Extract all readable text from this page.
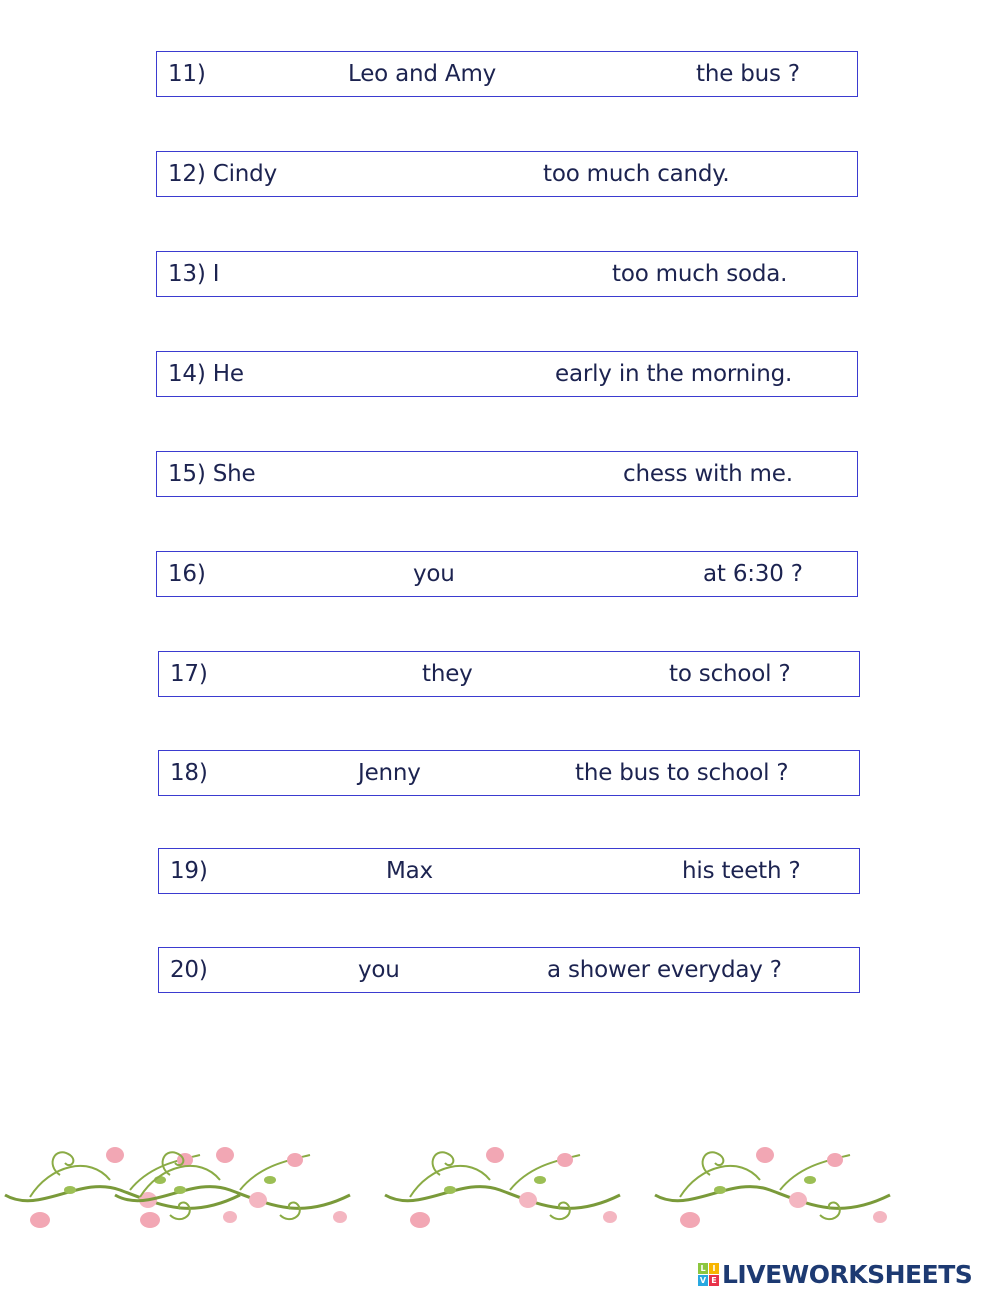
11)	Leo and Amy	the bus ?
12) Cindy	too much candy.
13) I	too much soda.
14) He	early in the morning.
15) She	chess with me.
16)	you	at 6:30 ?
17)	they	to school ?
18)	Jenny	the bus to school ?
19)	Max	his teeth ?
20)	you	a shower everyday ?
L I
V E LIVEWORKSHEETS
